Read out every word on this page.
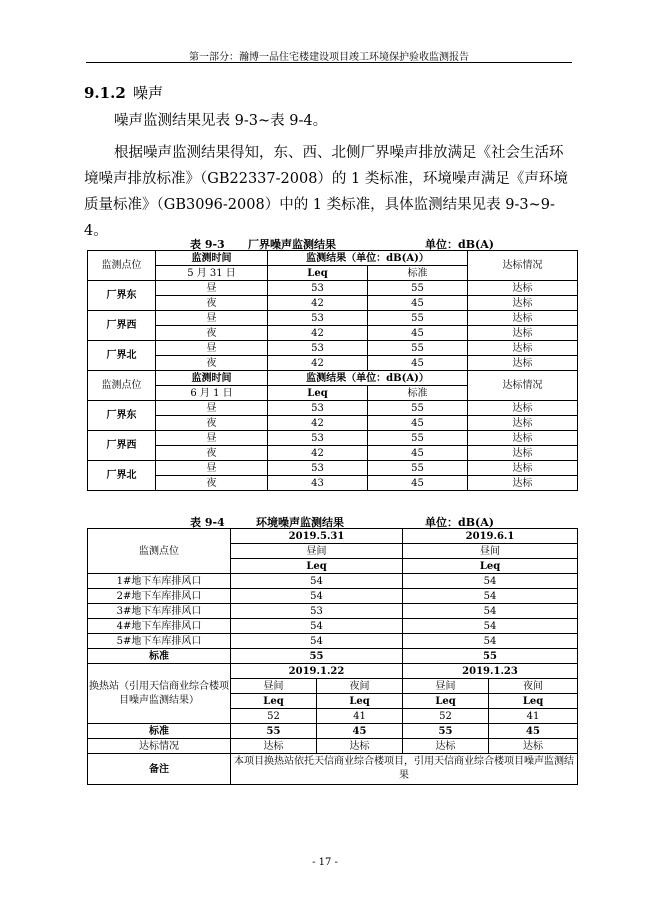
第一部分：瀚博一品住宅楼建设项目竣工环境保护验收监测报告
9.1.2 噪声
噪声监测结果见表 9-3~表 9-4。
根据噪声监测结果得知，东、西、北侧厂界噪声排放满足《社会生活环境噪声排放标准》（GB22337-2008）的 1 类标准，环境噪声满足《声环境质量标准》（GB3096-2008）中的 1 类标准，具体监测结果见表 9-3~9-4。
表 9-3 厂界噪声监测结果	单位：dB(A)
监测点位	监测时间	监测结果（单位：dB(A)）		达标情况
	5 月 31 日	Leq	标准	
厂界东	昼	53	55	达标
	夜	42	45	达标
厂界西	昼	53	55	达标
	夜	42	45	达标
厂界北	昼	53	55	达标
	夜	42	45	达标
监测点位	监测时间	监测结果（单位：dB(A)）		达标情况
	6 月 1 日	Leq	标准	
厂界东	昼	53	55	达标
	夜	42	45	达标
厂界西	昼	53	55	达标
	夜	42	45	达标
厂界北	昼	53	55	达标
	夜	43	45	达标
表 9-4	环境噪声监测结果	单位：dB(A)
监测点位	2019.5.31		2019.6.1	
	昼间		昼间	
	Leq		Leq	
1#地下车库排风口	54		54	
2#地下车库排风口	54		54	
3#地下车库排风口	53		54	
4#地下车库排风口	54		54	
5#地下车库排风口	54		54	
标准	55		55	
换热站（引用天信商业综合楼项目噪声监测结果）	2019.1.22		2019.1.23	
	昼间	夜间	昼间	夜间
	Leq	Leq	Leq	Leq
	52	41	52	41
标准	55	45	55	45
达标情况	达标	达标	达标	达标
备注	本项目换热站依托天信商业综合楼项目，引用天信商业综合楼项目噪声监测结果			
- 17 -
